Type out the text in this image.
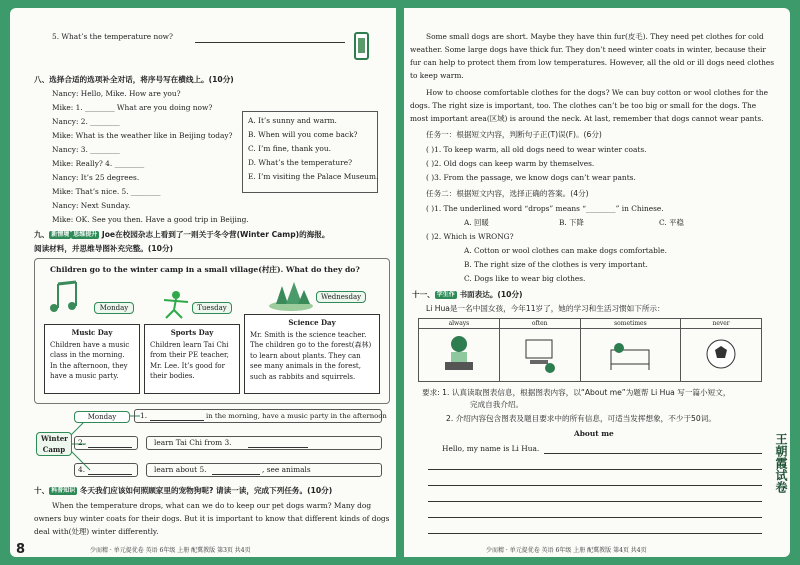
5. What’s the temperature now?
八、选择合适的选项补全对话，将序号写在横线上。(10分)
Nancy: Hello, Mike. How are you?
Mike: 1. ________ What are you doing now?
Nancy: 2. ________
Mike: What is the weather like in Beijing today?
Nancy: 3. ________
Mike: Really? 4. ________
Nancy: It’s 25 degrees.
Mike: That’s nice. 5. ________
Nancy: Next Sunday.
Mike: OK. See you then. Have a good trip in Beijing.
A. It’s sunny and warm.
B. When will you come back?
C. I’m fine, thank you.
D. What’s the temperature?
E. I’m visiting the Palace Museum.
九、 新情境 思维提升 Joe在校园杂志上看到了一则关于冬令营(Winter Camp)的海报。
阅读材料，并思维导图补充完整。(10分)
Children go to the winter camp in a small village(村庄). What do they do?
Monday	Tuesday
Wednesday
Music Day
Children have a music class in the morning. In the afternoon, they have a music party.
Sports Day
Children learn Tai Chi from their PE teacher, Mr. Lee. It’s good for their bodies.
Science Day
Mr. Smith is the science teacher. The children go to the forest(森林) to learn about plants. They can see many animals in the forest, such as rabbits and squirrels.
Winter Camp
Monday	1.	in the morning, have a music party in the afternoon
2.	learn Tai Chi from 3.
4.	learn about 5.	, see animals
十、 科普知识 冬天我们应该如何照顾家里的宠物狗呢? 请读一读，完成下列任务。(10分)
When the temperature drops, what can we do to keep our pet dogs warm? Many dog
owners buy winter coats for their dogs. But it is important to know that different kinds of dogs
deal with(处理) winter differently.
8	少而精 · 单元提优卷 英语 6年级 上册 配冀教版 第3页 共4页
Some small dogs are short. Maybe they have thin fur(皮毛). They need pet clothes for cold
weather. Some large dogs have thick fur. They don’t need winter coats in winter, because their
fur can help to protect them from low temperatures. However, all the old or ill dogs need clothes
to keep warm.
How to choose comfortable clothes for the dogs? We can buy cotton or wool clothes for the
dogs. The right size is important, too. The clothes can’t be too big or small for the dogs. The
most important area(区域) is around the neck. At last, remember that dogs cannot wear pants.
任务一：根据短文内容，判断句子正(T)误(F)。(6分)
( )1. To keep warm, all old dogs need to wear winter coats.
( )2. Old dogs can keep warm by themselves.
( )3. From the passage, we know dogs can’t wear pants.
任务二：根据短文内容，选择正确的答案。(4分)
( )1. The underlined word “drops” means “________” in Chinese.
A. 回暖	B. 下降	C. 平稳
( )2. Which is WRONG?
A. Cotton or wool clothes can make dogs comfortable.
B. The right size of the clothes is very important.
C. Dogs like to wear big clothes.
十一、 学生作 书面表达。(10分)
Li Hua是一名中国女孩，今年11岁了，她的学习和生活习惯如下所示：
always	often	sometimes	never

要求: 1. 认真读取图表信息，根据图表内容，以“About me”为题帮 Li Hua 写一篇小短文，
完成自我介绍。
2. 介绍内容包含图表及题目要求中的所有信息，可适当发挥想象，不少于50词。
About me
Hello, my name is Li Hua.	王朝霞试卷
少而精 · 单元提优卷 英语 6年级 上册 配冀教版 第4页 共4页
